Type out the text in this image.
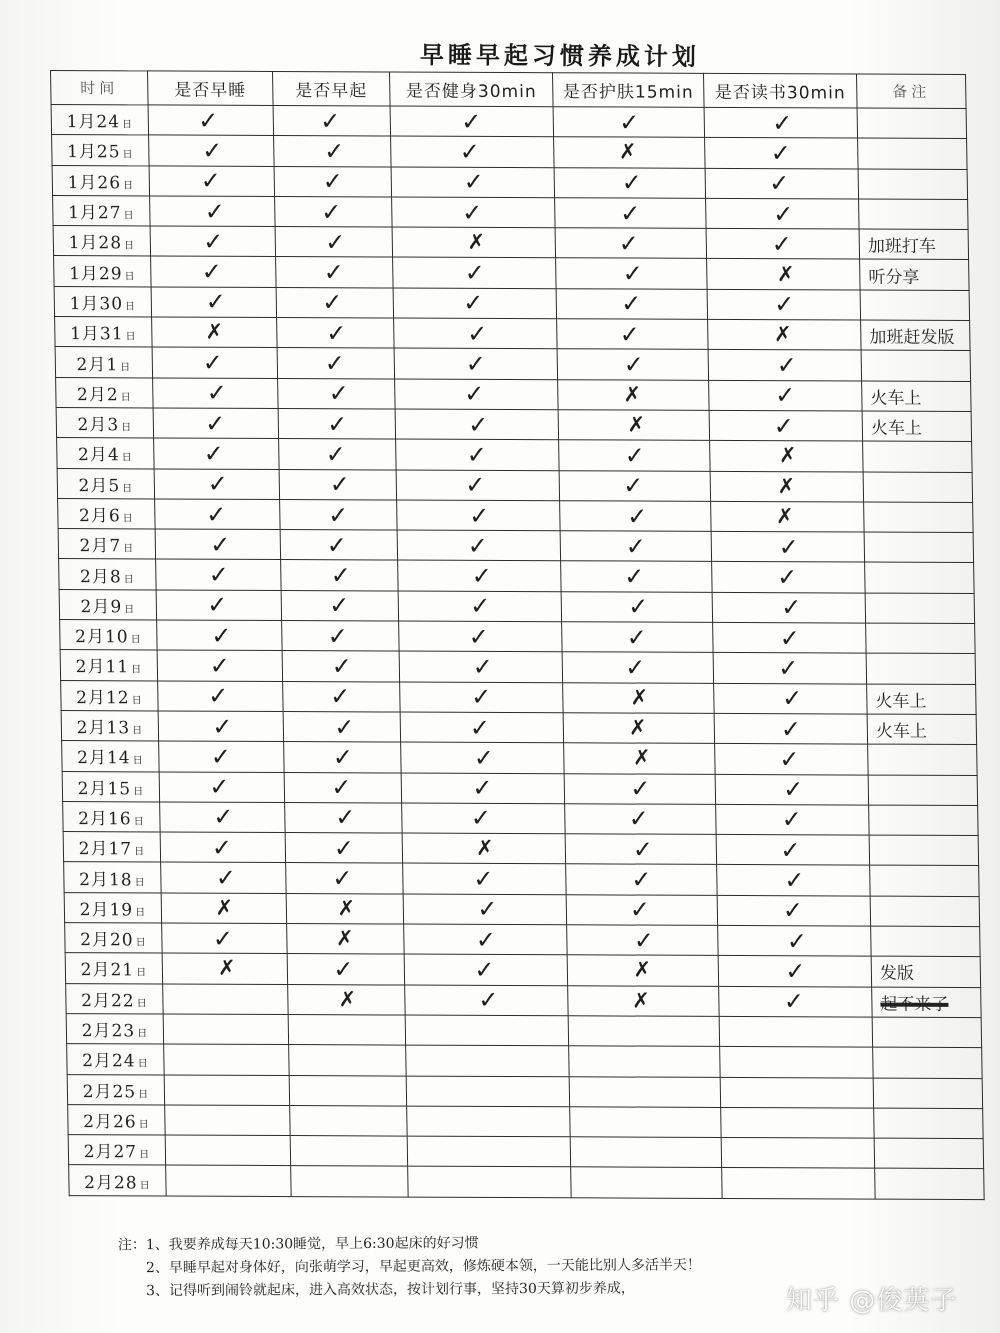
早睡早起习惯养成计划
时间	是否早睡	是否早起	是否健身30min	是否护肤15min	是否读书30min	备注
1月24 日	✓	✓	✓	✓	✓	
1月25 日	✓	✓	✓	✗	✓	
1月26 日	✓	✓	✓	✓	✓	
1月27 日	✓	✓	✓	✓	✓	
1月28 日	✓	✓	✗	✓	✓	加班打车
1月29 日	✓	✓	✓	✓	✗	听分享
1月30 日	✓	✓	✓	✓	✓	
1月31 日	✗	✓	✓	✓	✗	加班赶发版
2月1 日	✓	✓	✓	✓	✓	
2月2 日	✓	✓	✓	✗	✓	火车上
2月3 日	✓	✓	✓	✗	✓	火车上
2月4 日	✓	✓	✓	✓	✗	
2月5 日	✓	✓	✓	✓	✗	
2月6 日	✓	✓	✓	✓	✗	
2月7 日	✓	✓	✓	✓	✓	
2月8 日	✓	✓	✓	✓	✓	
2月9 日	✓	✓	✓	✓	✓	
2月10 日	✓	✓	✓	✓	✓	
2月11 日	✓	✓	✓	✓	✓	
2月12 日	✓	✓	✓	✗	✓	火车上
2月13 日	✓	✓	✓	✗	✓	火车上
2月14 日	✓	✓	✓	✗	✓	
2月15 日	✓	✓	✓	✓	✓	
2月16 日	✓	✓	✓	✓	✓	
2月17 日	✓	✓	✗	✓	✓	
2月18 日	✓	✓	✓	✓	✓	
2月19 日	✗	✗	✓	✓	✓	
2月20 日	✓	✗	✓	✓	✓	
2月21 日	✗	✓	✓	✗	✓	发版
2月22 日		✗	✓	✗	✓	起不来了
2月23 日						
2月24 日						
2月25 日						
2月26 日						
2月27 日						
2月28 日						
注：1、我要养成每天10:30睡觉，早上6:30起床的好习惯
2、早睡早起对身体好，向张萌学习，早起更高效，修炼硬本领，一天能比别人多活半天！
3、记得听到闹铃就起床，进入高效状态，按计划行事，坚持30天算初步养成，	知乎 @俊英子
